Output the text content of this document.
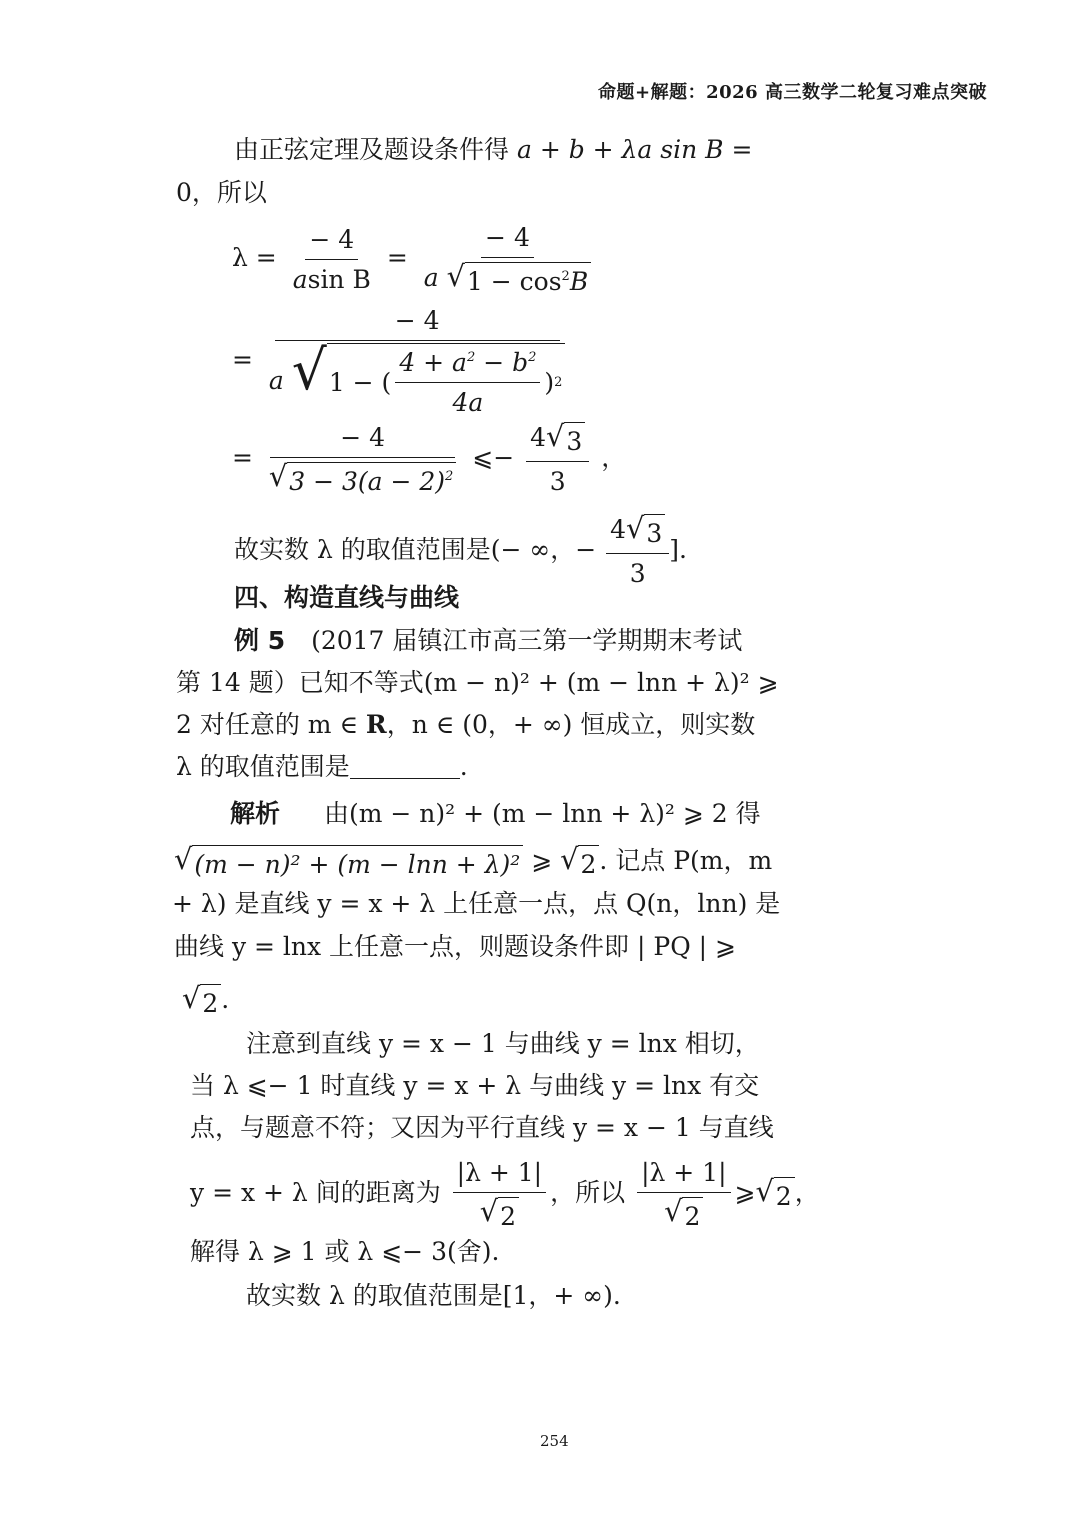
命题+解题：2026 高三数学二轮复习难点突破
由正弦定理及题设条件得 a + b + λa sin B =
0，所以
$\lambda = \frac{- 4}{\text{asin B}} = \frac{- 4}{a √ 1 - \cos^2B}$
= $\frac{- 4}{a √ 1 - ( \frac{4 + a^2 - b^2}{4a} ) 2}$
= $\frac{- 4}{√ 3 - 3(a - 2)^2}$ ⩽− $\frac{4 √ 3}{3}$ ，
故实数 λ 的取值范围是(− ∞，− $\frac{4 √ 3}{3}$ ].
四、构造直线与曲线
例 5 (2017 届镇江市高三第一学期期末考试
第 14 题）已知不等式(m − n)² + (m − lnn + λ)² ⩾
2 对任意的 m ∈ R，n ∈ (0，+ ∞) 恒成立，则实数
λ 的取值范围是	.
解析 由(m − n)² + (m − lnn + λ)² ⩾ 2 得
√ (m − n)² + (m − lnn + λ)² ⩾ √ 2 . 记点 P(m，m
+ λ) 是直线 y = x + λ 上任意一点，点 Q(n，lnn) 是
曲线 y = lnx 上任意一点，则题设条件即 | PQ | ⩾
√ 2 .
注意到直线 y = x − 1 与曲线 y = lnx 相切，
当 λ ⩽− 1 时直线 y = x + λ 与曲线 y = lnx 有交
点，与题意不符；又因为平行直线 y = x − 1 与直线
y = x + λ 间的距离为 $\frac{|\lambda + 1|}{√ 2}$ ，所以 $\frac{|\lambda + 1|}{√ 2}$ ⩾ √ 2 ，
解得 λ ⩾ 1 或 λ ⩽− 3(舍).
故实数 λ 的取值范围是[1，+ ∞).
254
